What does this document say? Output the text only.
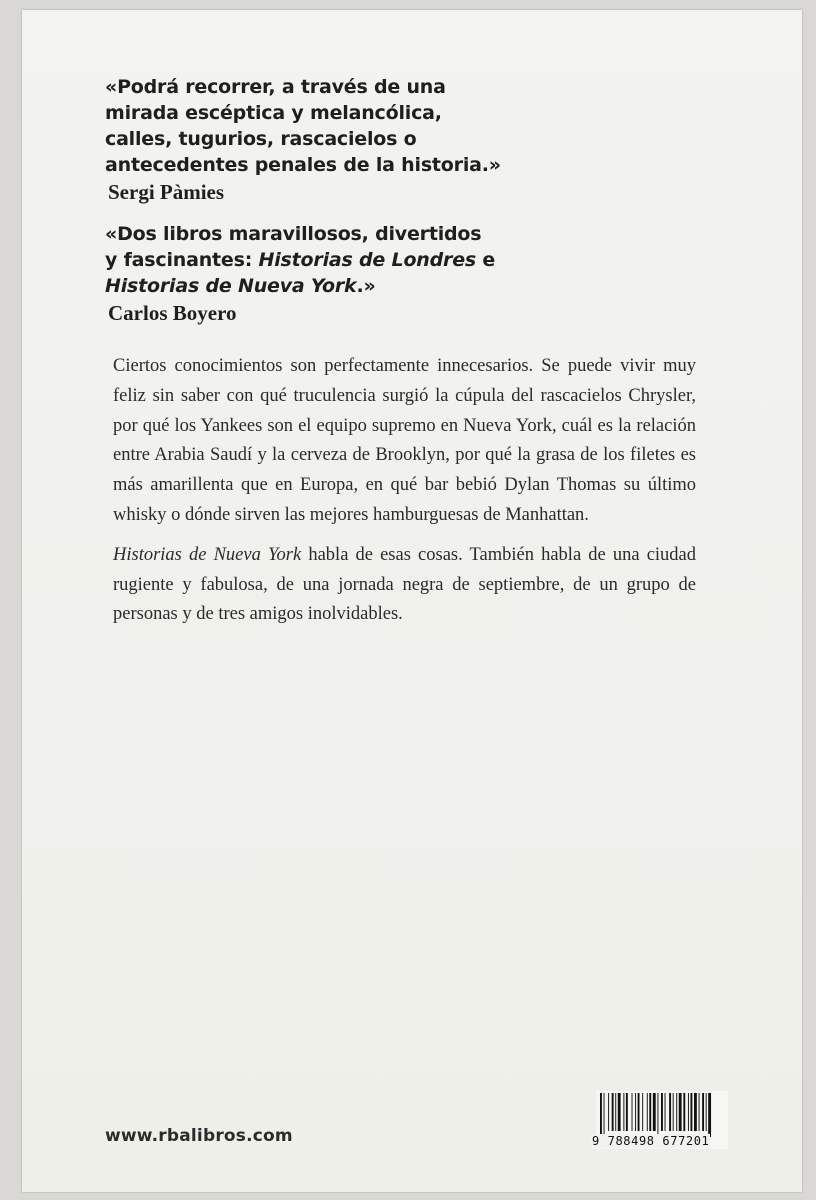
«Podrá recorrer, a través de una
mirada escéptica y melancólica,
calles, tugurios, rascacielos o
antecedentes penales de la historia.»

Sergi Pàmies

«Dos libros maravillosos, divertidos
y fascinantes: Historias de Londres e
Historias de Nueva York.»

Carlos Boyero

Ciertos conocimientos son perfectamente innecesarios. Se puede vivir muy feliz sin saber con qué truculencia surgió la cúpula del rascacielos Chrysler, por qué los Yankees son el equipo supremo en Nueva York, cuál es la relación entre Arabia Saudí y la cerveza de Brooklyn, por qué la grasa de los filetes es más amarillenta que en Europa, en qué bar bebió Dylan Thomas su último whisky o dónde sirven las mejores hamburguesas de Manhattan.

Historias de Nueva York habla de esas cosas. También habla de una ciudad rugiente y fabulosa, de una jornada negra de septiembre, de un grupo de personas y de tres amigos inolvidables.

www.rbalibros.com	9 788498 677201
